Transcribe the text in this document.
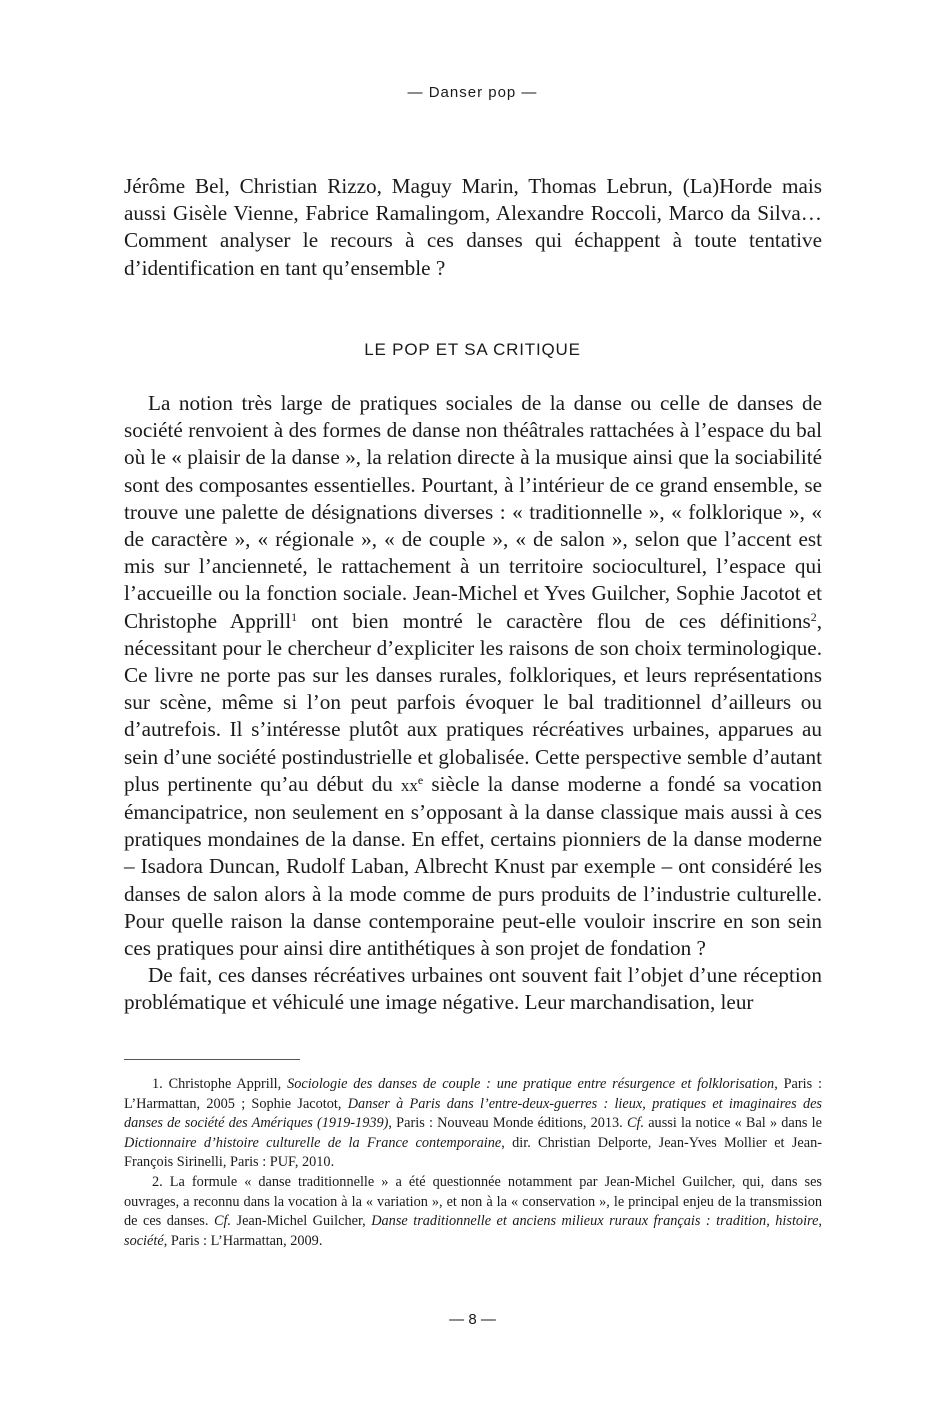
— Danser pop —

Jérôme Bel, Christian Rizzo, Maguy Marin, Thomas Lebrun, (La)Horde mais aussi Gisèle Vienne, Fabrice Ramalingom, Alexandre Roccoli, Marco da Silva… Comment analyser le recours à ces danses qui échappent à toute tentative d’identification en tant qu’ensemble ?

LE POP ET SA CRITIQUE

La notion très large de pratiques sociales de la danse ou celle de danses de société renvoient à des formes de danse non théâtrales rattachées à l’espace du bal où le « plaisir de la danse », la relation directe à la musique ainsi que la sociabilité sont des composantes essentielles. Pourtant, à l’intérieur de ce grand ensemble, se trouve une palette de désignations diverses : « traditionnelle », « folklorique », « de caractère », « régionale », « de couple », « de salon », selon que l’accent est mis sur l’ancienneté, le rattachement à un territoire socioculturel, l’espace qui l’accueille ou la fonction sociale. Jean-Michel et Yves Guilcher, Sophie Jacotot et Christophe Apprill$^1$ ont bien montré le caractère flou de ces définitions$^2$, nécessitant pour le chercheur d’expliciter les raisons de son choix terminologique. Ce livre ne porte pas sur les danses rurales, folkloriques, et leurs représentations sur scène, même si l’on peut parfois évoquer le bal traditionnel d’ailleurs ou d’autrefois. Il s’intéresse plutôt aux pratiques récréatives urbaines, apparues au sein d’une société postindustrielle et globalisée. Cette perspective semble d’autant plus pertinente qu’au début du $xx^e$ siècle la danse moderne a fondé sa vocation émancipatrice, non seulement en s’opposant à la danse classique mais aussi à ces pratiques mondaines de la danse. En effet, certains pionniers de la danse moderne – Isadora Duncan, Rudolf Laban, Albrecht Knust par exemple – ont considéré les danses de salon alors à la mode comme de purs produits de l’industrie culturelle. Pour quelle raison la danse contemporaine peut-elle vouloir inscrire en son sein ces pratiques pour ainsi dire antithétiques à son projet de fondation ?

De fait, ces danses récréatives urbaines ont souvent fait l’objet d’une réception problématique et véhiculé une image négative. Leur marchandisation, leur

1. Christophe Apprill, Sociologie des danses de couple : une pratique entre résurgence et folklorisation, Paris : L’Harmattan, 2005 ; Sophie Jacotot, Danser à Paris dans l’entre-deux-guerres : lieux, pratiques et imaginaires des danses de société des Amériques (1919-1939), Paris : Nouveau Monde éditions, 2013. Cf. aussi la notice « Bal » dans le Dictionnaire d’histoire culturelle de la France contemporaine, dir. Christian Delporte, Jean-Yves Mollier et Jean-François Sirinelli, Paris : PUF, 2010.

2. La formule « danse traditionnelle » a été questionnée notamment par Jean-Michel Guilcher, qui, dans ses ouvrages, a reconnu dans la vocation à la « variation », et non à la « conservation », le principal enjeu de la transmission de ces danses. Cf. Jean-Michel Guilcher, Danse traditionnelle et anciens milieux ruraux français : tradition, histoire, société, Paris : L’Harmattan, 2009.

— 8 —
